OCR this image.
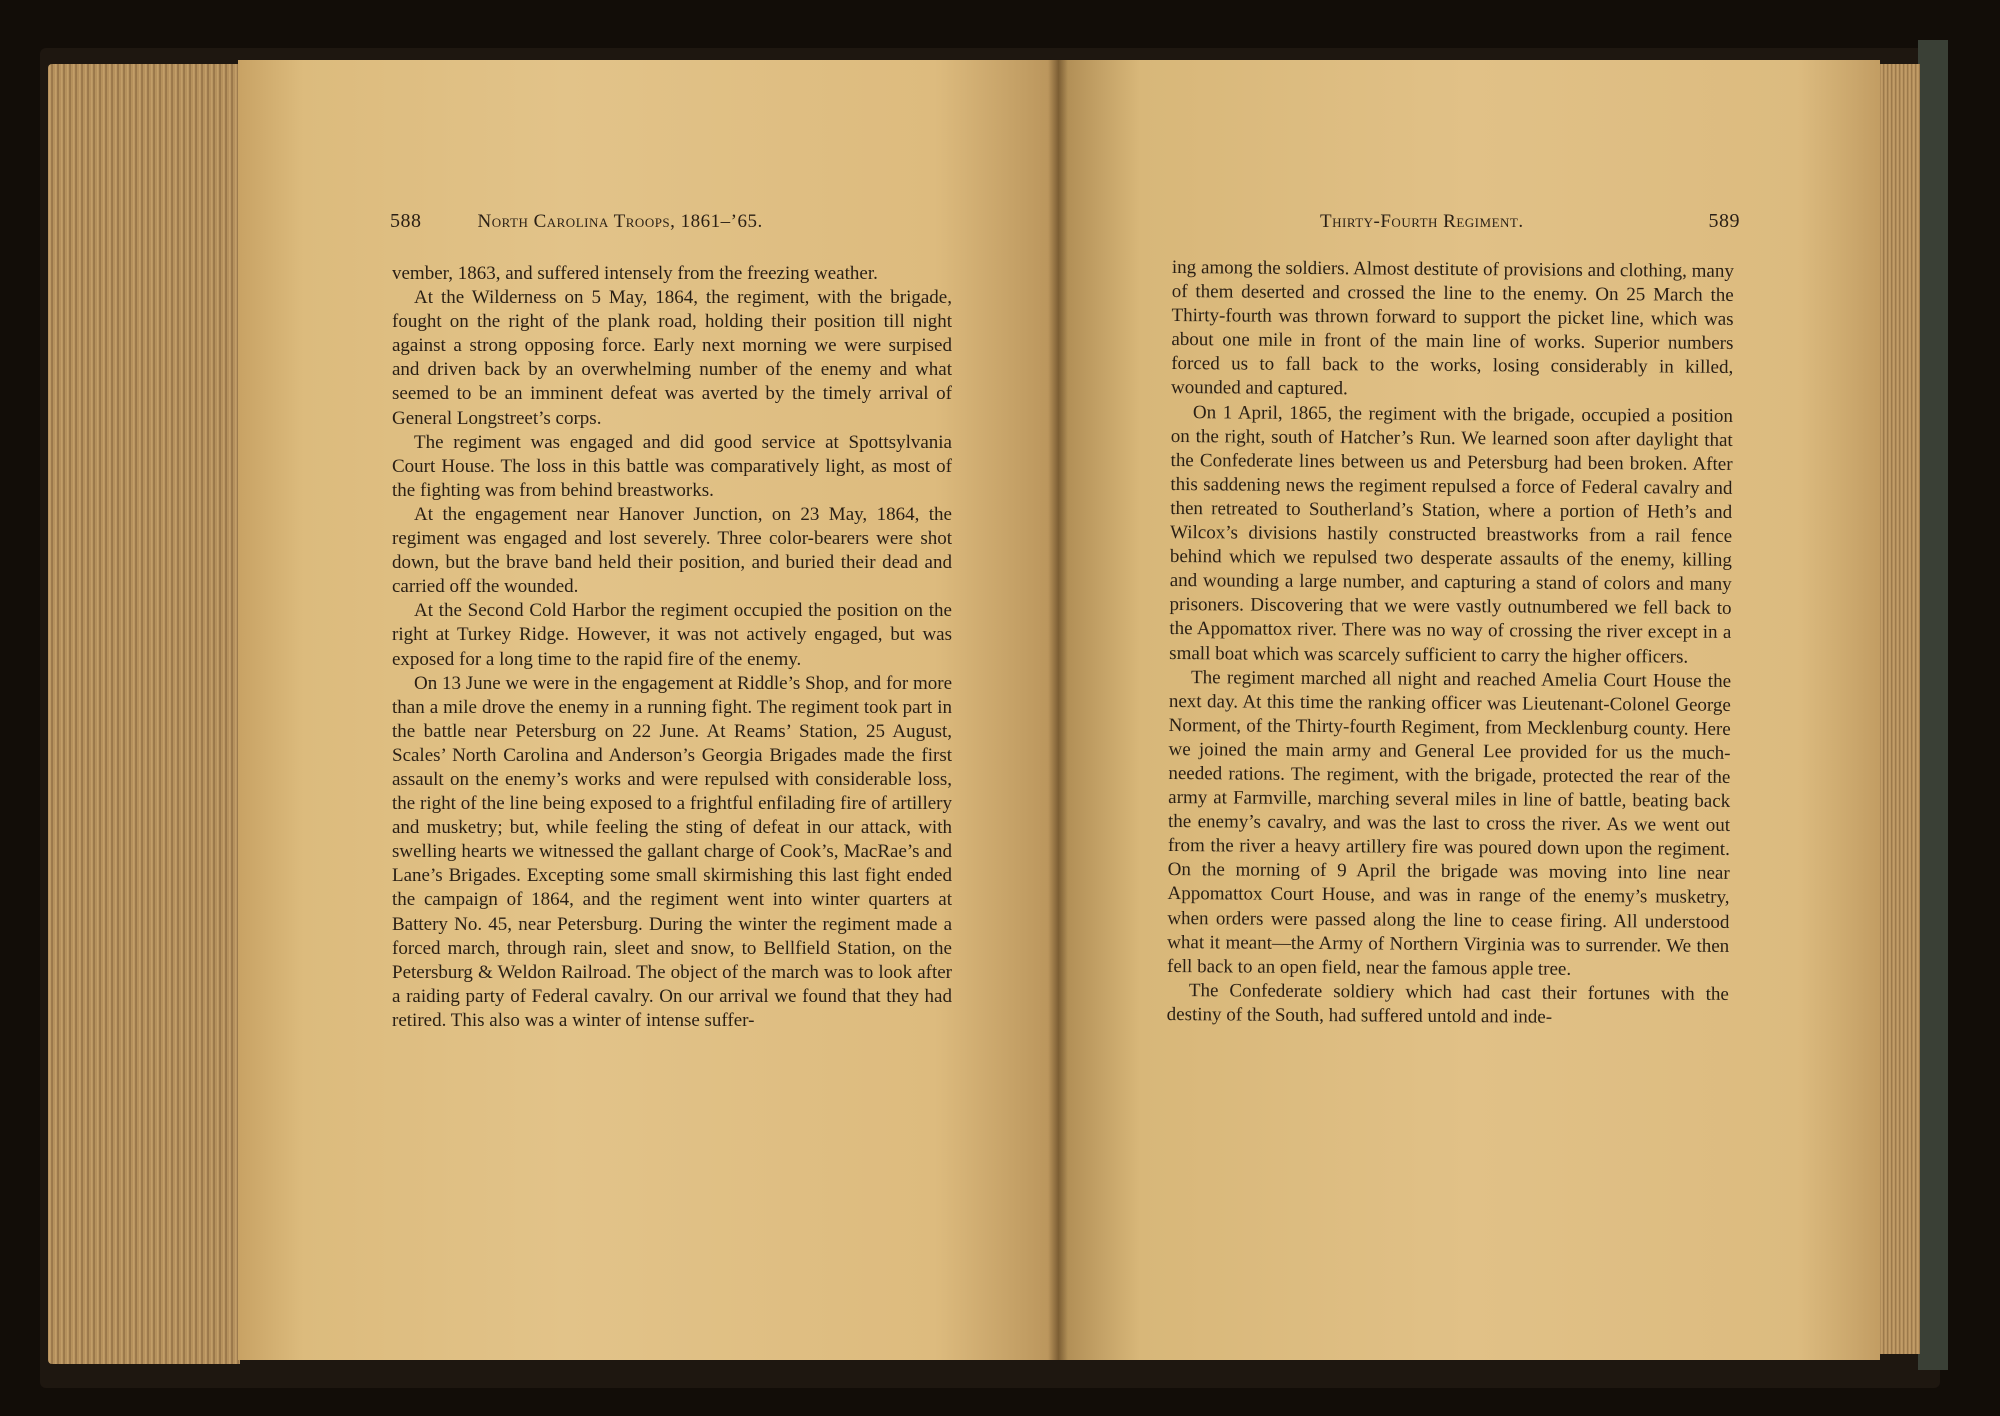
588	North Carolina Troops, 1861–’65.	Thirty-Fourth Regiment.	589

vember, 1863, and suffered intensely from the freezing weather.

At the Wilderness on 5 May, 1864, the regiment, with the brigade, fought on the right of the plank road, holding their position till night against a strong opposing force. Early next morning we were surpised and driven back by an overwhelming number of the enemy and what seemed to be an imminent defeat was averted by the timely arrival of General Longstreet’s corps.

The regiment was engaged and did good service at Spottsylvania Court House. The loss in this battle was comparatively light, as most of the fighting was from behind breastworks.

At the engagement near Hanover Junction, on 23 May, 1864, the regiment was engaged and lost severely. Three color-bearers were shot down, but the brave band held their position, and buried their dead and carried off the wounded.

At the Second Cold Harbor the regiment occupied the position on the right at Turkey Ridge. However, it was not actively engaged, but was exposed for a long time to the rapid fire of the enemy.

On 13 June we were in the engagement at Riddle’s Shop, and for more than a mile drove the enemy in a running fight. The regiment took part in the battle near Petersburg on 22 June. At Reams’ Station, 25 August, Scales’ North Carolina and Anderson’s Georgia Brigades made the first assault on the enemy’s works and were repulsed with considerable loss, the right of the line being exposed to a frightful enfilading fire of artillery and musketry; but, while feeling the sting of defeat in our attack, with swelling hearts we witnessed the gallant charge of Cook’s, MacRae’s and Lane’s Brigades. Excepting some small skirmishing this last fight ended the campaign of 1864, and the regiment went into winter quarters at Battery No. 45, near Petersburg. During the winter the regiment made a forced march, through rain, sleet and snow, to Bellfield Station, on the Petersburg & Weldon Railroad. The object of the march was to look after a raiding party of Federal cavalry. On our arrival we found that they had retired. This also was a winter of intense suffer-

ing among the soldiers. Almost destitute of provisions and clothing, many of them deserted and crossed the line to the enemy. On 25 March the Thirty-fourth was thrown forward to support the picket line, which was about one mile in front of the main line of works. Superior numbers forced us to fall back to the works, losing considerably in killed, wounded and captured.

On 1 April, 1865, the regiment with the brigade, occupied a position on the right, south of Hatcher’s Run. We learned soon after daylight that the Confederate lines between us and Petersburg had been broken. After this saddening news the regiment repulsed a force of Federal cavalry and then retreated to Southerland’s Station, where a portion of Heth’s and Wilcox’s divisions hastily constructed breastworks from a rail fence behind which we repulsed two desperate assaults of the enemy, killing and wounding a large number, and capturing a stand of colors and many prisoners. Discovering that we were vastly outnumbered we fell back to the Appomattox river. There was no way of crossing the river except in a small boat which was scarcely sufficient to carry the higher officers.

The regiment marched all night and reached Amelia Court House the next day. At this time the ranking officer was Lieutenant-Colonel George Norment, of the Thirty-fourth Regiment, from Mecklenburg county. Here we joined the main army and General Lee provided for us the much-needed rations. The regiment, with the brigade, protected the rear of the army at Farmville, marching several miles in line of battle, beating back the enemy’s cavalry, and was the last to cross the river. As we went out from the river a heavy artillery fire was poured down upon the regiment. On the morning of 9 April the brigade was moving into line near Appomattox Court House, and was in range of the enemy’s musketry, when orders were passed along the line to cease firing. All understood what it meant—the Army of Northern Virginia was to surrender. We then fell back to an open field, near the famous apple tree.

The Confederate soldiery which had cast their fortunes with the destiny of the South, had suffered untold and inde-
